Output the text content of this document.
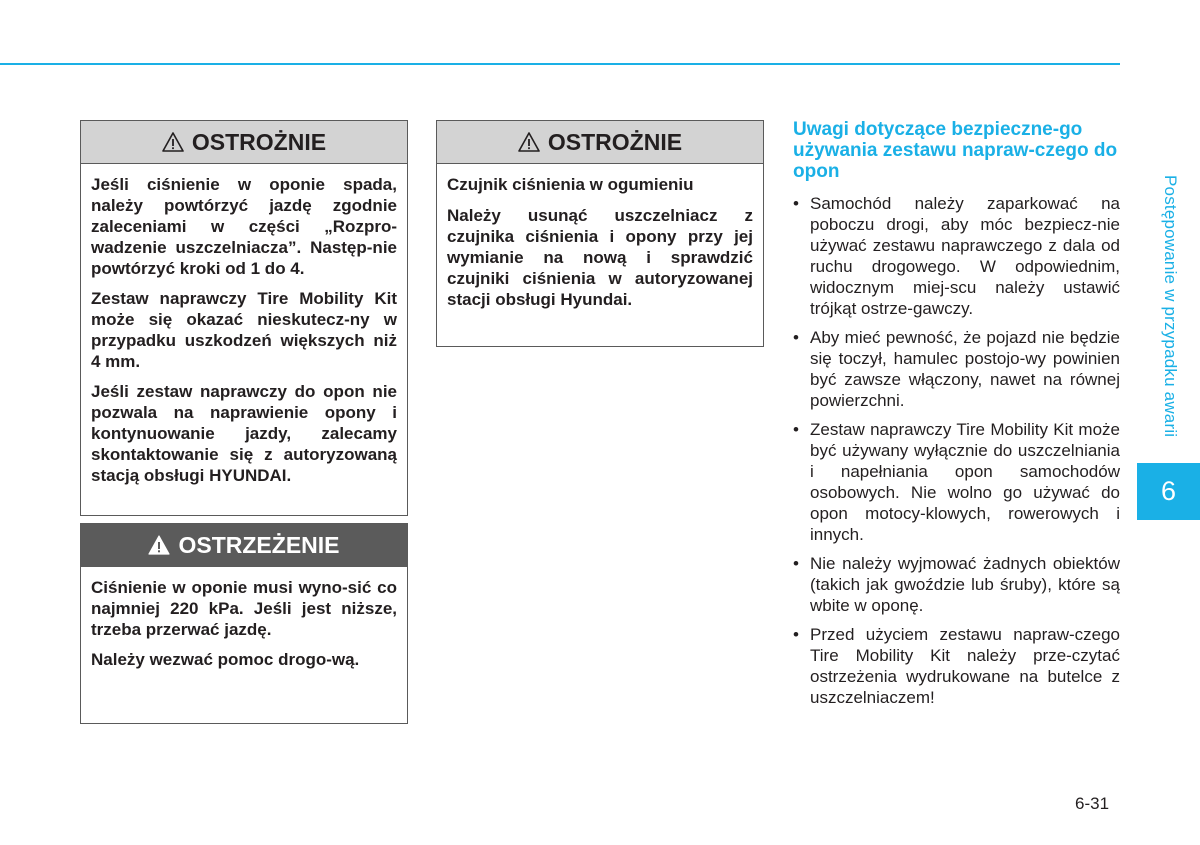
OSTROŻNIE

Jeśli ciśnienie w oponie spada, należy powtórzyć jazdę zgodnie zaleceniami w części „Rozpro-wadzenie uszczelniacza”. Następ-nie powtórzyć kroki od 1 do 4.

Zestaw naprawczy Tire Mobility Kit może się okazać nieskutecz-ny w przypadku uszkodzeń większych niż 4 mm.

Jeśli zestaw naprawczy do opon nie pozwala na naprawienie opony i kontynuowanie jazdy, zalecamy skontaktowanie się z autoryzowaną stacją obsługi HYUNDAI.

OSTRZEŻENIE

Ciśnienie w oponie musi wyno-sić co najmniej 220 kPa. Jeśli jest niższe, trzeba przerwać jazdę.

Należy wezwać pomoc drogo-wą.

OSTROŻNIE

Czujnik ciśnienia w ogumieniu

Należy usunąć uszczelniacz z czujnika ciśnienia i opony przy jej wymianie na nową i sprawdzić czujniki ciśnienia w autoryzowanej stacji obsługi Hyundai.

Uwagi dotyczące bezpieczne-go używania zestawu napraw-czego do opon
• Samochód należy zaparkować na poboczu drogi, aby móc bezpiecz-nie używać zestawu naprawczego z dala od ruchu drogowego. W odpowiednim, widocznym miej-scu należy ustawić trójkąt ostrze-gawczy.
• Aby mieć pewność, że pojazd nie będzie się toczył, hamulec postojo-wy powinien być zawsze włączony, nawet na równej powierzchni.
• Zestaw naprawczy Tire Mobility Kit może być używany wyłącznie do uszczelniania i napełniania opon samochodów osobowych. Nie wolno go używać do opon motocy-klowych, rowerowych i innych.
• Nie należy wyjmować żadnych obiektów (takich jak gwoździe lub śruby), które są wbite w oponę.
• Przed użyciem zestawu napraw-czego Tire Mobility Kit należy prze-czytać ostrzeżenia wydrukowane na butelce z uszczelniaczem!
Postępowanie w przypadku awarii
6
6-31
